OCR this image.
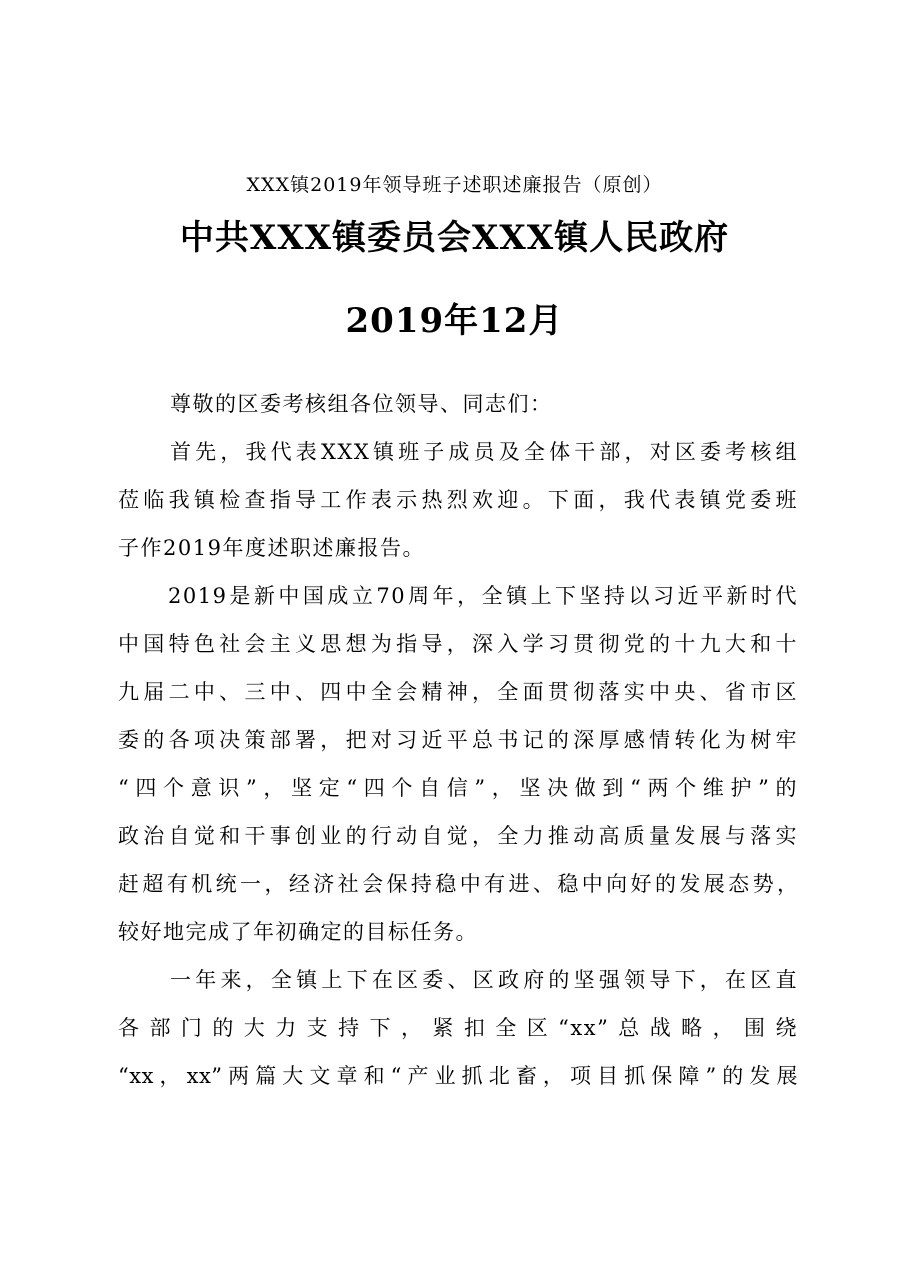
XXX镇2019年领导班子述职述廉报告（原创）
中共XXX镇委员会XXX镇人民政府
2019年12月

尊敬的区委考核组各位领导、同志们：

首先，我代表XXX镇班子成员及全体干部，对区委考核组
莅临我镇检查指导工作表示热烈欢迎。下面，我代表镇党委班
子作2019年度述职述廉报告。

2019是新中国成立70周年，全镇上下坚持以习近平新时代
中国特色社会主义思想为指导，深入学习贯彻党的十九大和十
九届二中、三中、四中全会精神，全面贯彻落实中央、省市区
委的各项决策部署，把对习近平总书记的深厚感情转化为树牢
“四个意识”，坚定“四个自信”，坚决做到“两个维护”的
政治自觉和干事创业的行动自觉，全力推动高质量发展与落实
赶超有机统一，经济社会保持稳中有进、稳中向好的发展态势，
较好地完成了年初确定的目标任务。

一年来，全镇上下在区委、区政府的坚强领导下，在区直
各部门的大力支持下，紧扣全区“xx”总战略，围绕
“xx，xx”两篇大文章和“产业抓北畜，项目抓保障”的发展
